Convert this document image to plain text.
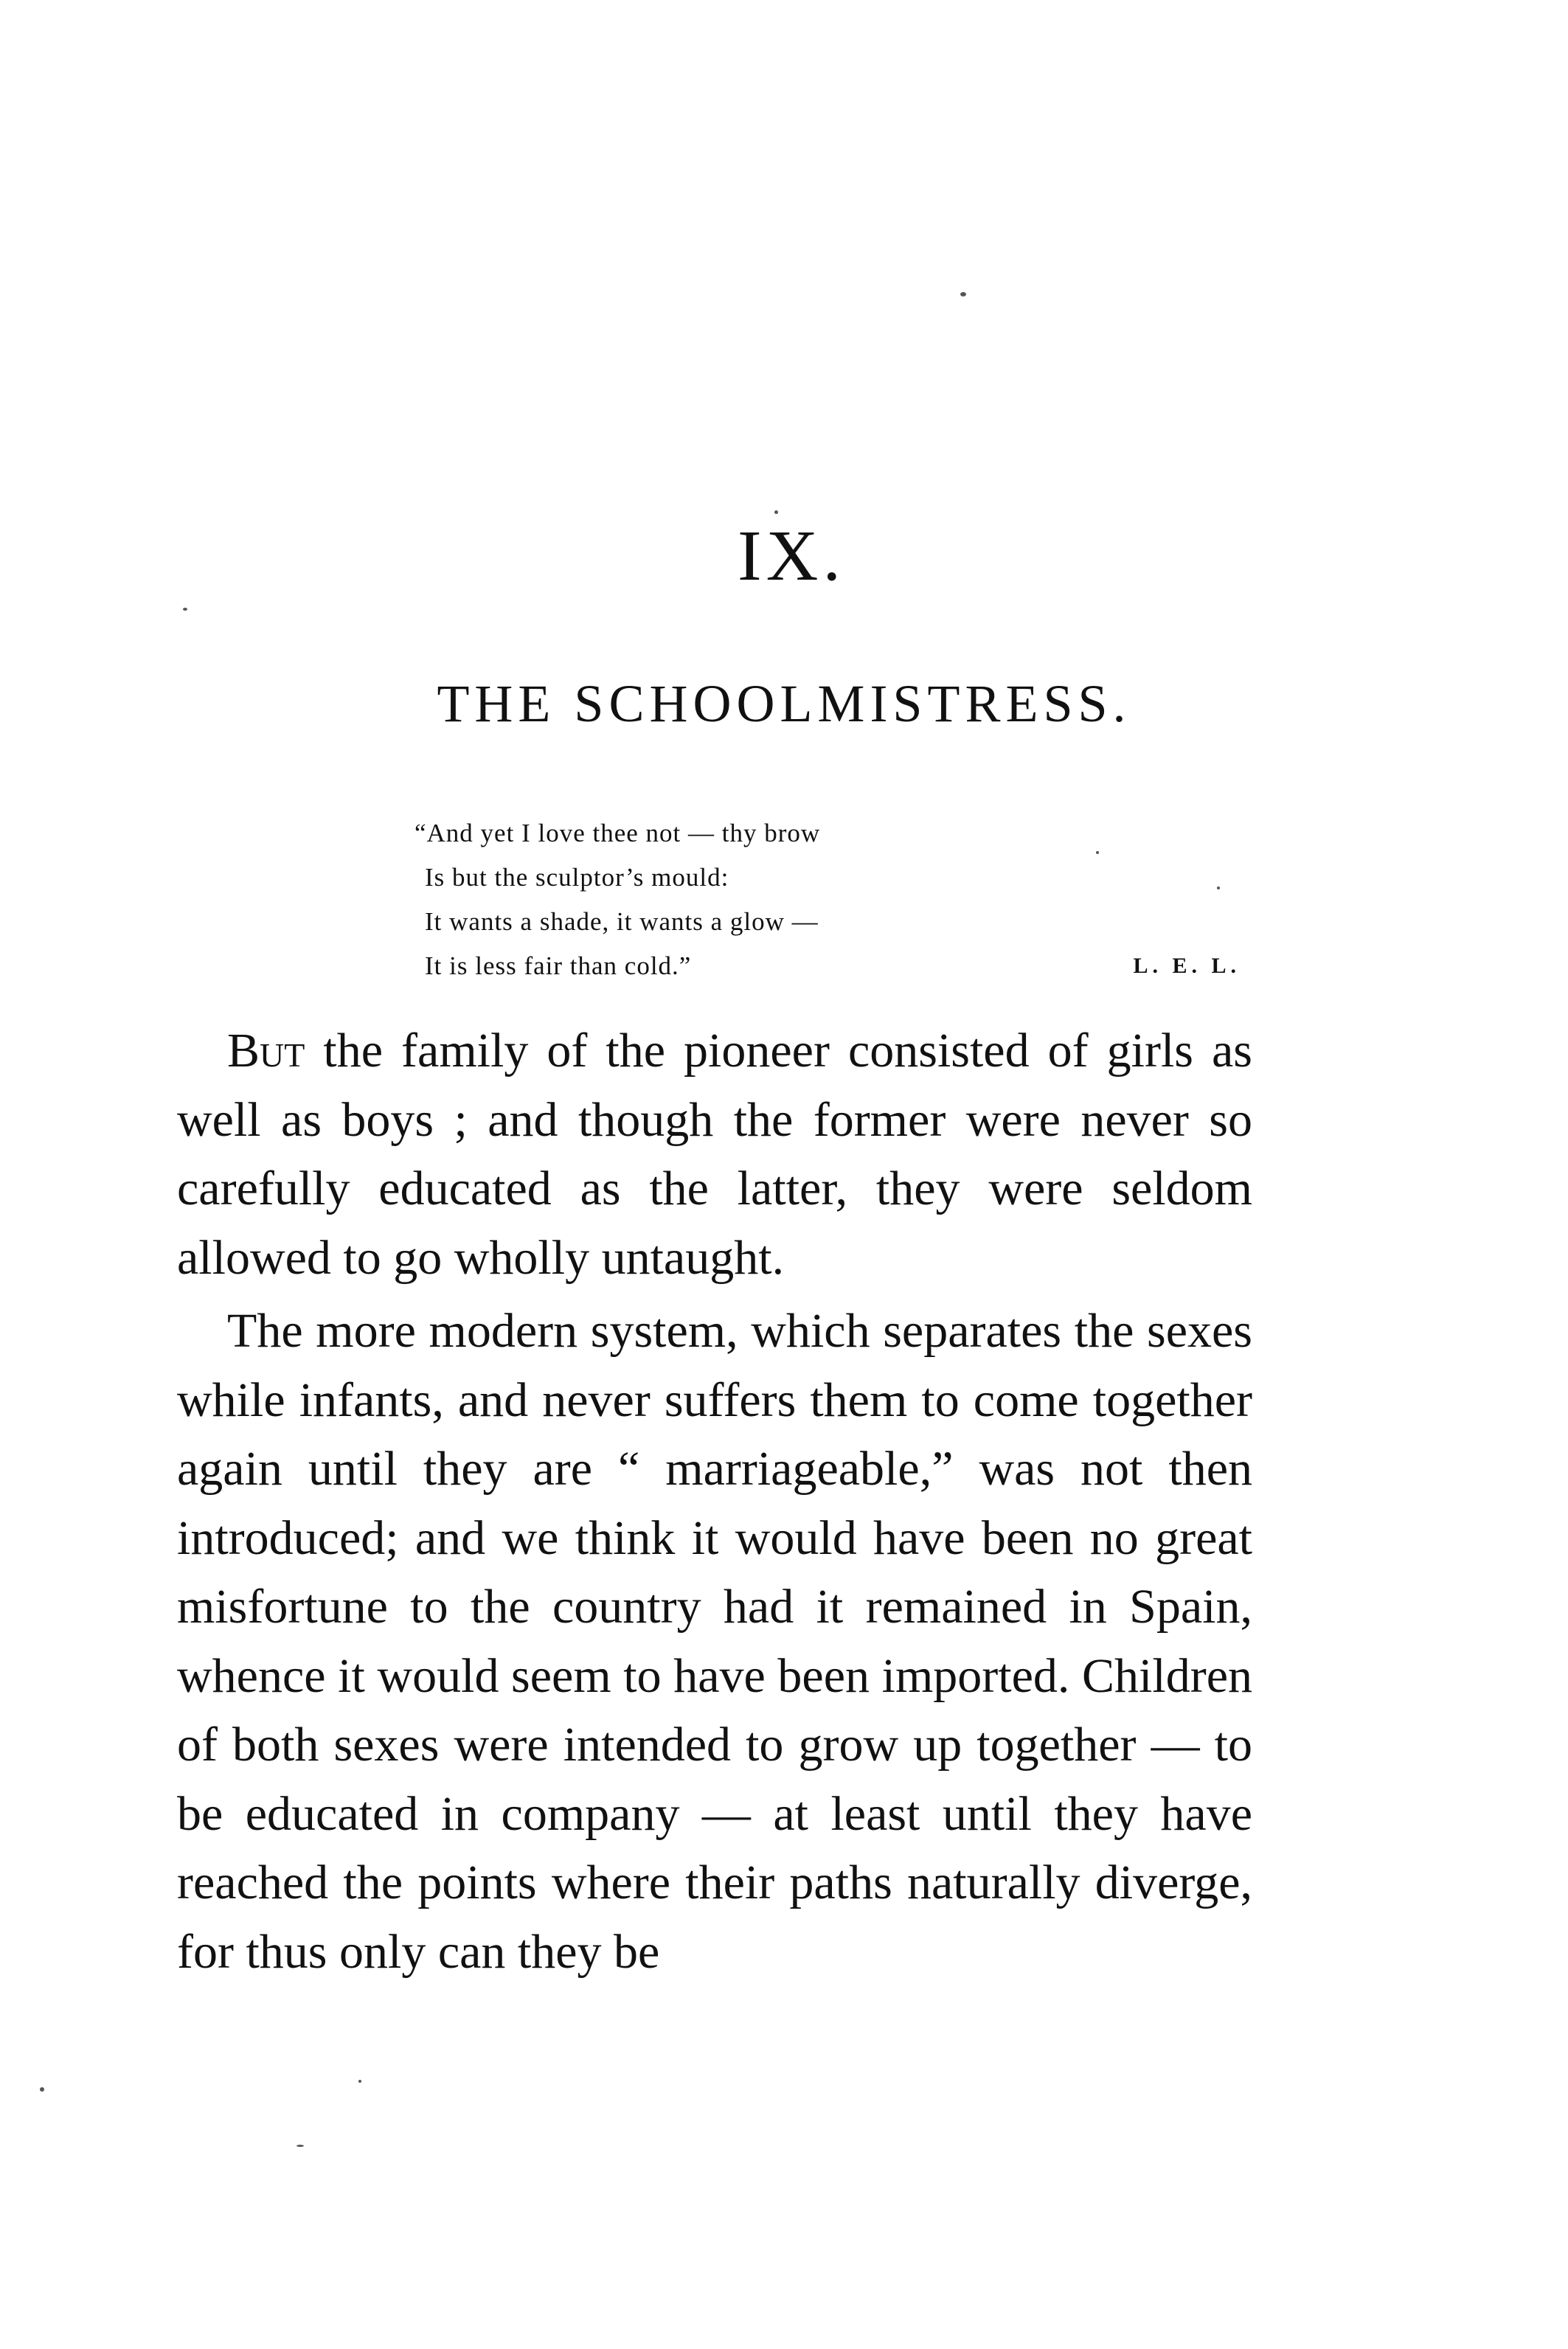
IX.
THE SCHOOLMISTRESS.
“And yet I love thee not — thy brow
Is but the sculptor’s mould:
It wants a shade, it wants a glow —
It is less fair than cold.”	L. E. L.

But the family of the pioneer consisted of girls as well as boys ; and though the former were never so carefully educated as the latter, they were seldom allowed to go wholly untaught.

The more modern system, which separates the sexes while infants, and never suffers them to come together again until they are “ marriageable,” was not then introduced; and we think it would have been no great misfortune to the country had it remained in Spain, whence it would seem to have been imported. Children of both sexes were intended to grow up together — to be educated in company — at least until they have reached the points where their paths naturally diverge, for thus only can they be
